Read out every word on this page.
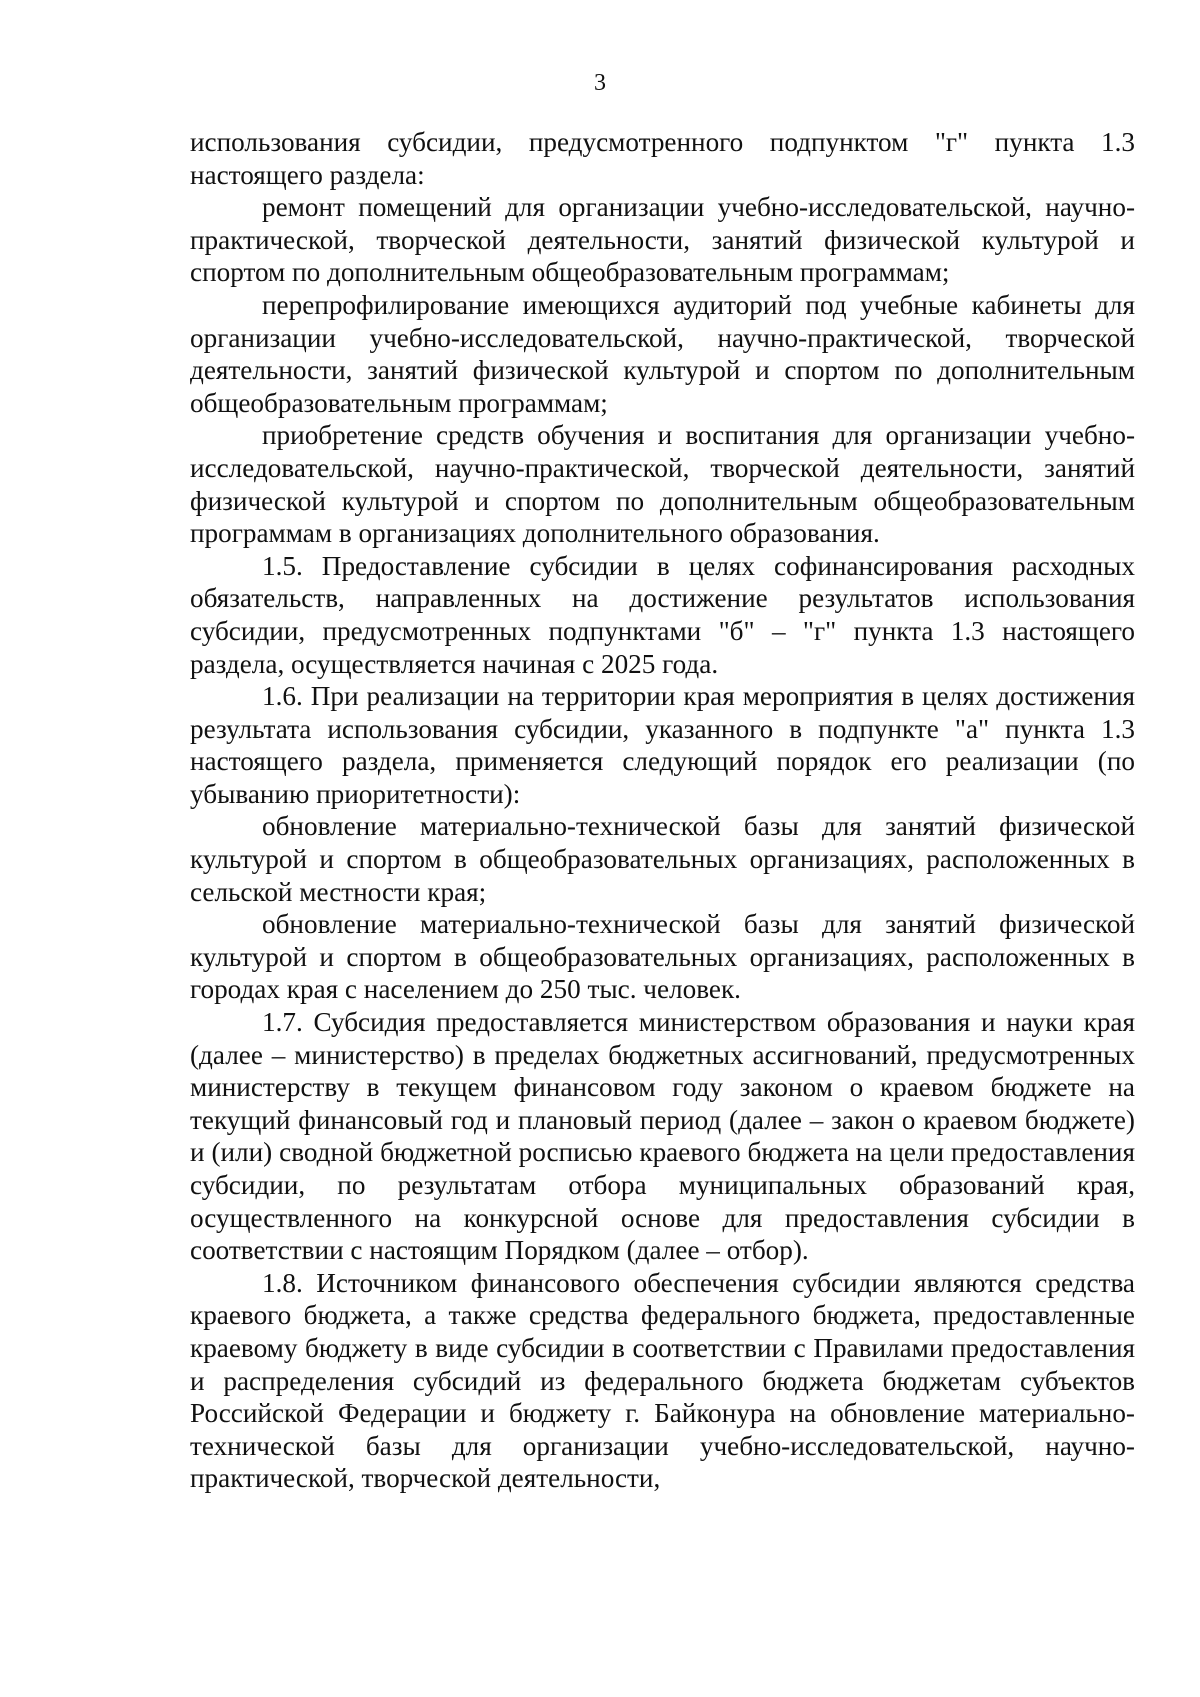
3

использования субсидии, предусмотренного подпунктом "г" пункта 1.3 настоящего раздела:

ремонт помещений для организации учебно-исследовательской, научно-практической, творческой деятельности, занятий физической культурой и спортом по дополнительным общеобразовательным программам;

перепрофилирование имеющихся аудиторий под учебные кабинеты для организации учебно-исследовательской, научно-практической, творческой деятельности, занятий физической культурой и спортом по дополнительным общеобразовательным программам;

приобретение средств обучения и воспитания для организации учебно-исследовательской, научно-практической, творческой деятельности, занятий физической культурой и спортом по дополнительным общеобразовательным программам в организациях дополнительного образования.

1.5. Предоставление субсидии в целях софинансирования расходных обязательств, направленных на достижение результатов использования субсидии, предусмотренных подпунктами "б" – "г" пункта 1.3 настоящего раздела, осуществляется начиная с 2025 года.

1.6. При реализации на территории края мероприятия в целях достижения результата использования субсидии, указанного в подпункте "а" пункта 1.3 настоящего раздела, применяется следующий порядок его реализации (по убыванию приоритетности):

обновление материально-технической базы для занятий физической культурой и спортом в общеобразовательных организациях, расположенных в сельской местности края;

обновление материально-технической базы для занятий физической культурой и спортом в общеобразовательных организациях, расположенных в городах края с населением до 250 тыс. человек.

1.7. Субсидия предоставляется министерством образования и науки края (далее – министерство) в пределах бюджетных ассигнований, предусмотренных министерству в текущем финансовом году законом о краевом бюджете на текущий финансовый год и плановый период (далее – закон о краевом бюджете) и (или) сводной бюджетной росписью краевого бюджета на цели предоставления субсидии, по результатам отбора муниципальных образований края, осуществленного на конкурсной основе для предоставления субсидии в соответствии с настоящим Порядком (далее – отбор).

1.8. Источником финансового обеспечения субсидии являются средства краевого бюджета, а также средства федерального бюджета, предоставленные краевому бюджету в виде субсидии в соответствии с Правилами предоставления и распределения субсидий из федерального бюджета бюджетам субъектов Российской Федерации и бюджету г. Байконура на обновление материально-технической базы для организации учебно-исследовательской, научно-практической, творческой деятельности,
